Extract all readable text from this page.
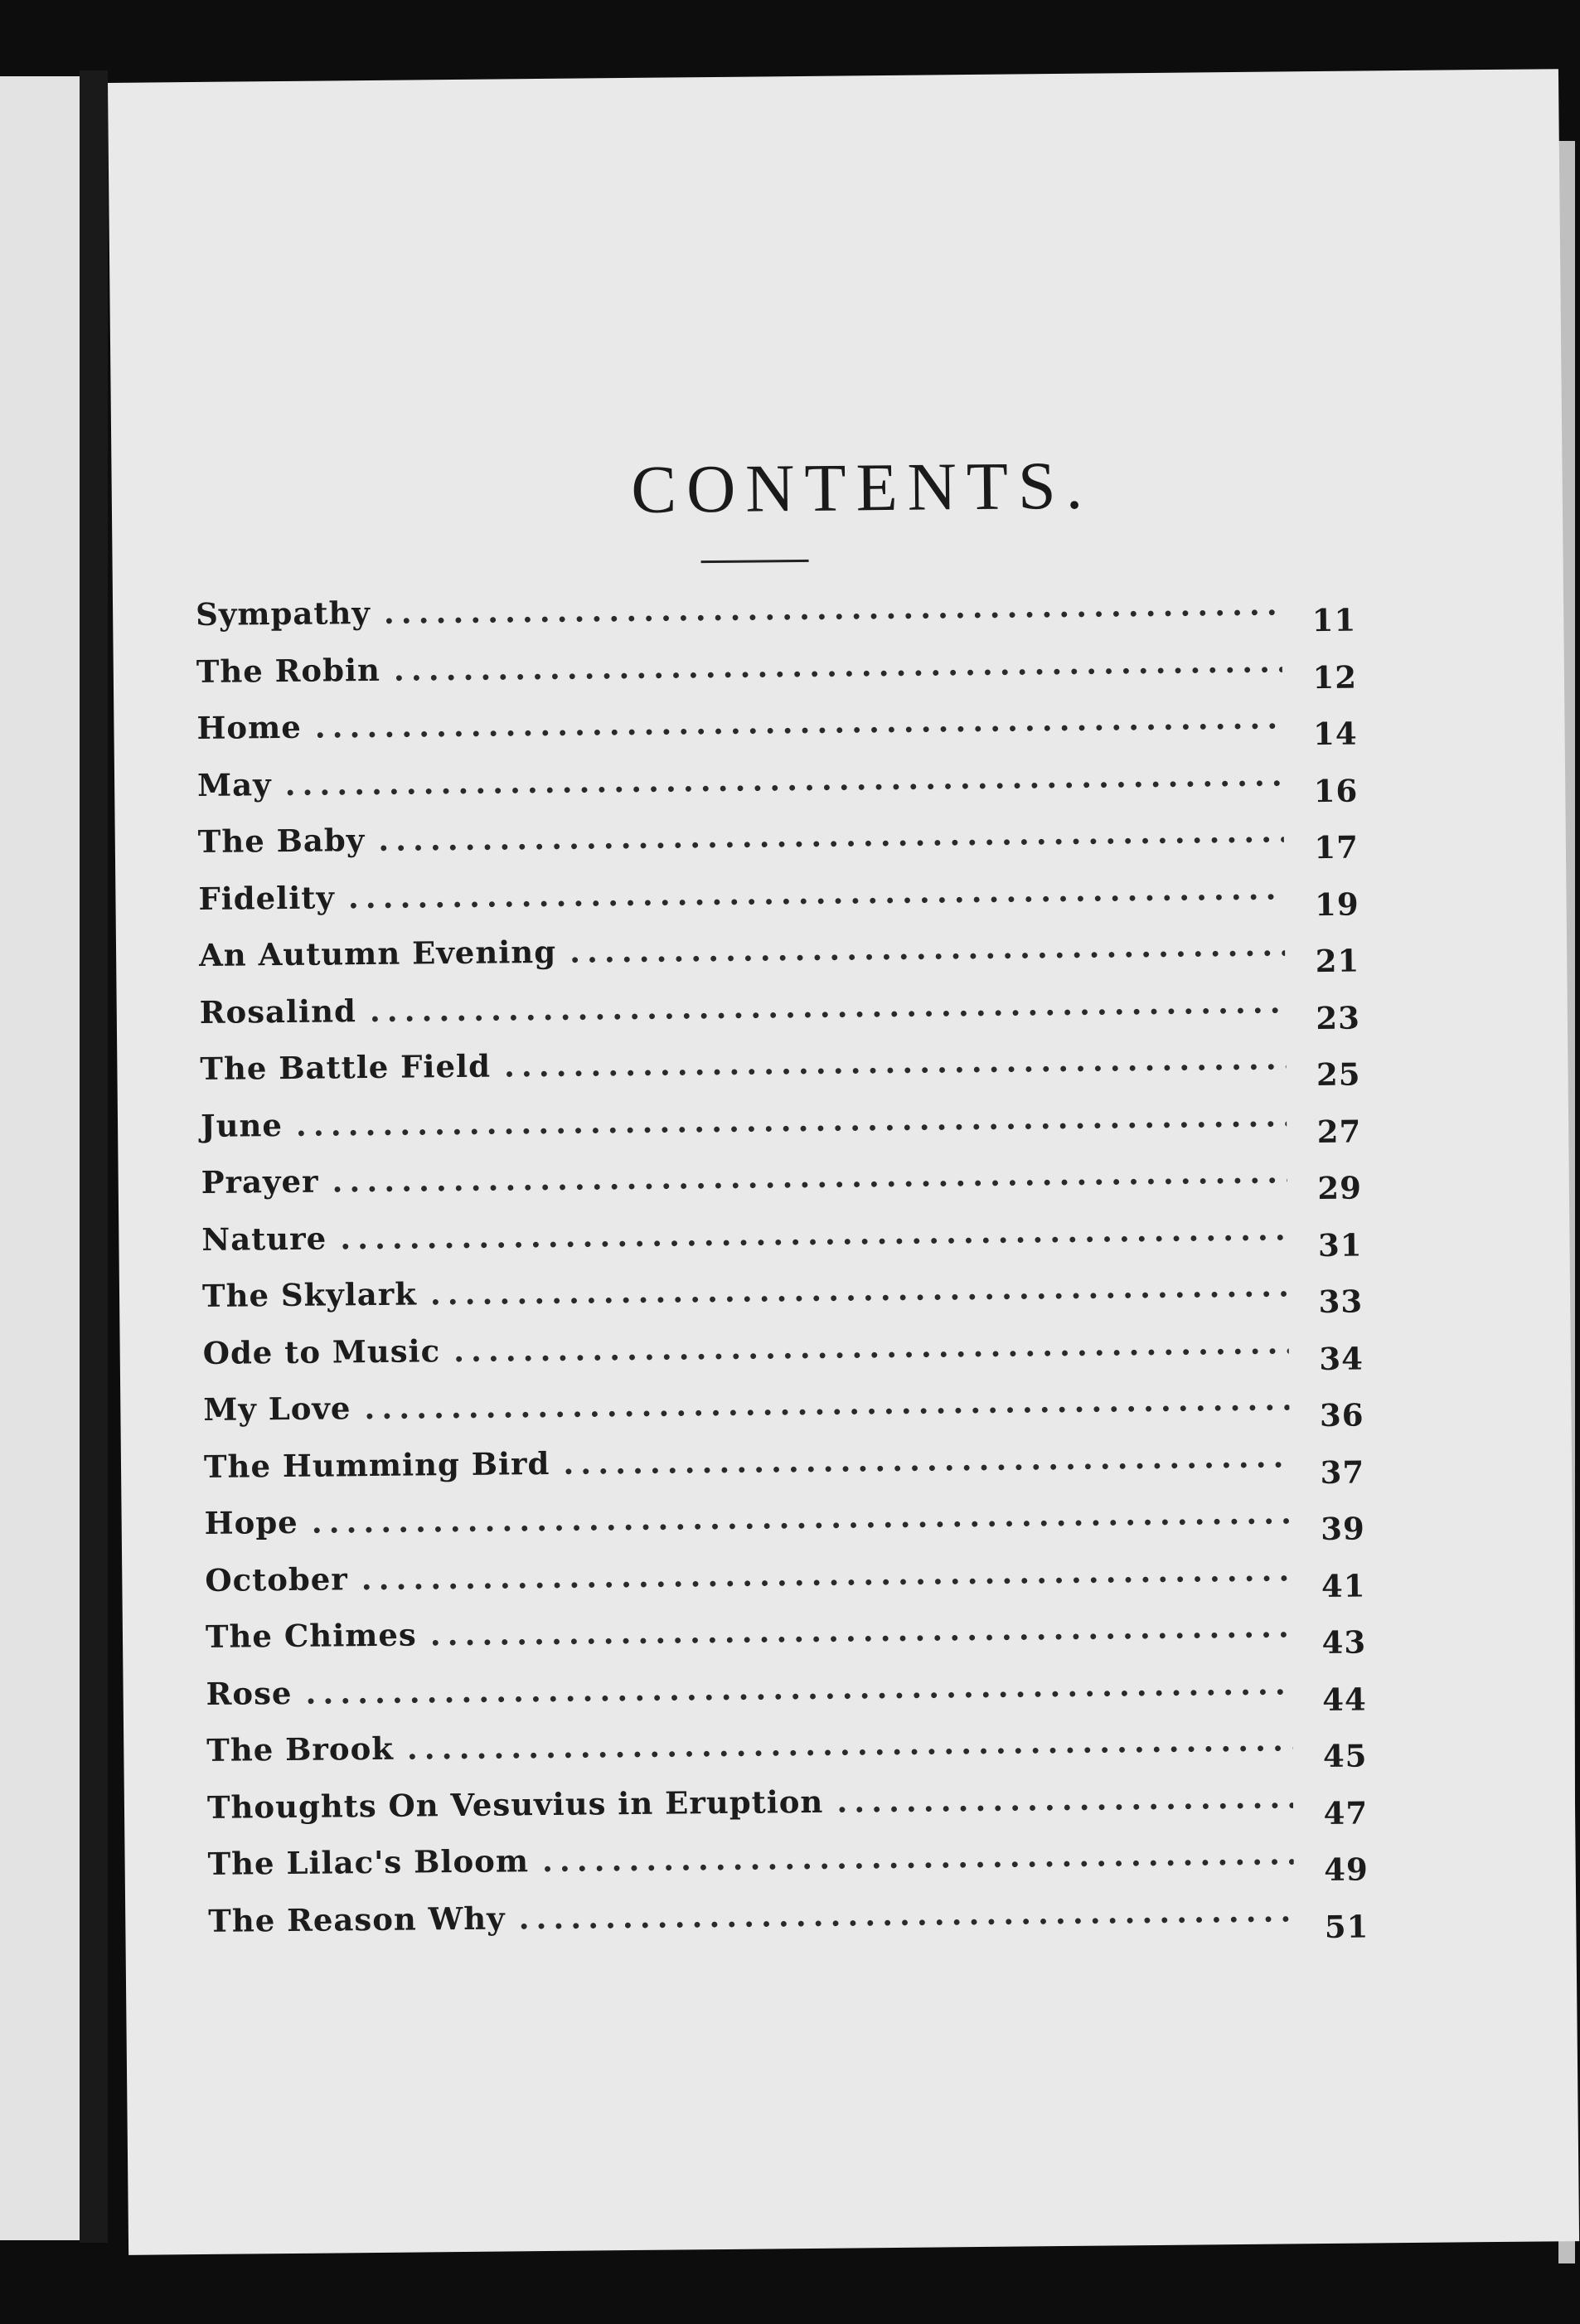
CONTENTS.
Sympathy .....	11
The Robin .....	12
Home .....	14
May .....	16
The Baby .....	17
Fidelity .....	19
An Autumn Evening .....	21
Rosalind .....	23
The Battle Field .....	25
June .....	27
Prayer .....	29
Nature .....	31
The Skylark .....	33
Ode to Music .....	34
My Love .....	36
The Humming Bird .....	37
Hope .....	39
October .....	41
The Chimes .....	43
Rose .....	44
The Brook .....	45
Thoughts On Vesuvius in Eruption .....	47
The Lilac's Bloom .....	49
The Reason Why .....	51
